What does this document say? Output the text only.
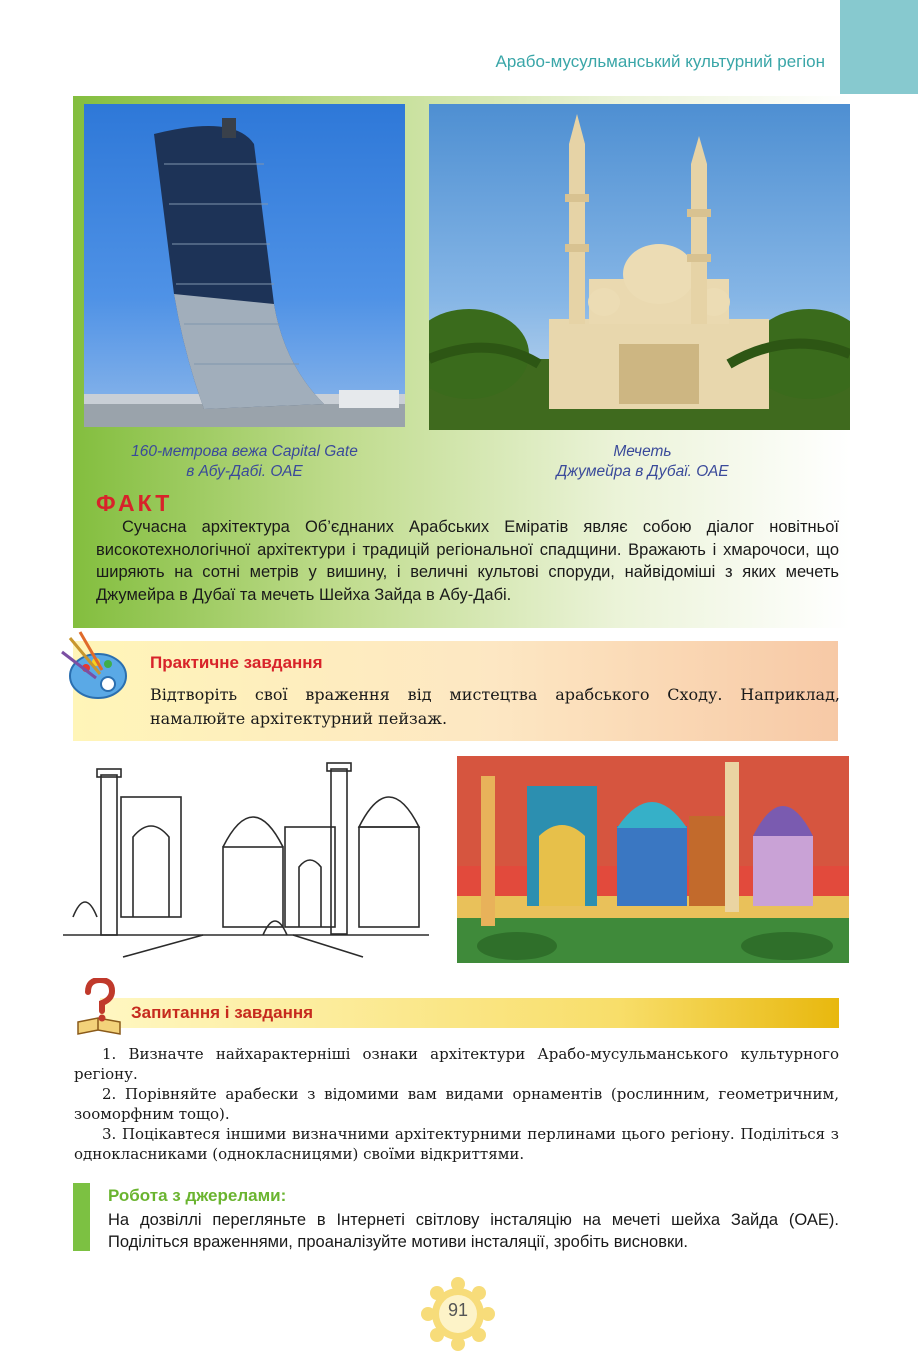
Арабо-мусульманський культурний регіон
160-метрова вежа Capital Gate
в Абу-Дабі. ОАЕ
Мечеть
Джумейра в Дубаї. ОАЕ
ФАКТ
Сучасна архітектура Об’єднаних Арабських Еміратів являє собою діалог новітньої високотехнологічної архітектури і традицій регіональної спадщини. Вражають і хмарочоси, що ширяють на сотні метрів у вишину, і величні культові споруди, найвідоміші з яких мечеть Джумейра в Дубаї та мечеть Шейха Зайда в Абу-Дабі.
Практичне завдання
Відтворіть свої враження від мистецтва арабського Сходу. Наприклад, намалюйте архітектурний пейзаж.
Запитання і завдання

1. Визначте найхарактерніші ознаки архітектури Арабо-мусульманського культурного регіону.

2. Порівняйте арабески з відомими вам видами орнаментів (рослинним, геометричним, зооморфним тощо).

3. Поцікавтеся іншими визначними архітектурними перлинами цього регіону. Поділіться з однокласниками (однокласницями) своїми відкриттями.

Робота з джерелами:
На дозвіллі перегляньте в Інтернеті світлову інсталяцію на мечеті шейха Зайда (ОАЕ). Поділіться враженнями, проаналізуйте мотиви інсталяції, зробіть висновки.
91
